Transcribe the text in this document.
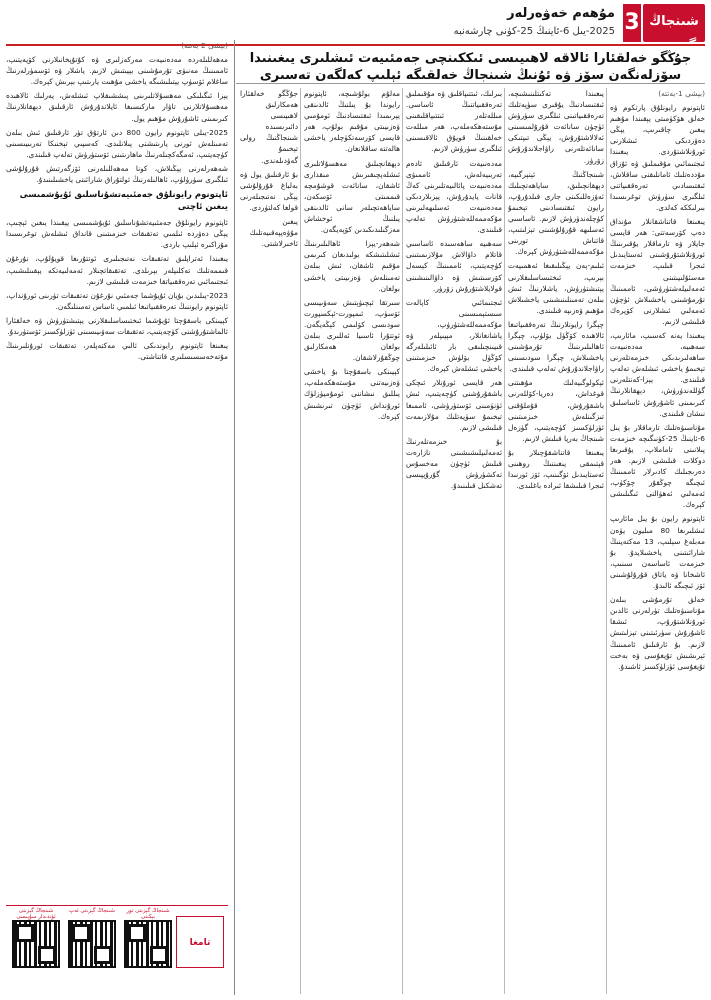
شىنجاڭ
3
مۇھەم خەۋەرلەر
2025-يىل 6-ئاينىڭ 25-كۈنى چارشەنبە
جۇڭگو خەلقئارا ئالاقە لاھىيىسى ئىككىنچى جەمئىيەت ئىشلىرى يىغىنىدا سۆزلەنگەن سۆز ۋە ئۇنىڭ شىنجاڭ خەلقىگە ئېلىپ كەلگەن تەسىرى
(بېشى 1-بەتتە)

ئاپتونوم رايونلۇق پارتكوم ۋە خەلق ھۆكۈمىتى يېقىندا مۇھىم يىغىن چاقىرىپ، يېڭى دەۋردىكى ئىشلارنى ئورۇنلاشتۇردى. يىغىندا ئىجتىمائىي مۇقىملىق ۋە ئۇزاق مۇددەتلىك ئامانلىقنى ساقلاش، ئىقتىسادىي تەرەققىياتنى ئىلگىرى سۈرۈش توغرىسىدا بىرلىككە كەلدى.

يىغىنغا قاتناشقانلار مۇنداق دەپ كۆرسەتتى: ھەر قايسى جايلار ۋە تارماقلار يۇقىرىنىڭ ئورۇنلاشتۇرۇشىنى ئەستايىدىل ئىجرا قىلىپ، خىزمەت مەسئۇلىيىتىنى ئەمەلىيلەشتۈرۈشى، ئاممىنىڭ تۇرمۇشىنى ياخشىلاش ئۈچۈن ئەمەلىي ئىشلارنى كۆپرەك قىلىشى لازىم.

يىغىندا يەنە كەسىپ، مائارىپ، سەھىيە، مەدەنىيەت ساھەلىرىدىكى خىزمەتلەرنى تېخىمۇ ياخشى ئىشلەش تەلەپ قىلىندى. يېزا-كەنتلەرنى گۈللەندۈرۈش، دېھقانلارنىڭ كىرىمىنى ئاشۇرۇش ئاساسلىق نىشان قىلىندى.

مۇناسىۋەتلىك تارماقلار بۇ يىل 6-ئاينىڭ 25-كۈنىگىچە خىزمەت پىلانىنى تاماملاپ، يۇقىرىغا دوكلات قىلىشى لازىم. ھەر دەرىجىلىك كادىرلار ئاممىنىڭ ئىچىگە چوڭقۇر چۆكۈپ، ئەمەلىي ئەھۋالنى ئىگىلىشى كېرەك.

ئاپتونوم رايون بۇ يىل مائارىپ ئىشلىرىغا 80 مىليون يۈەن مەبلەغ سېلىپ، 13 مەكتەپنىڭ شارائىتىنى ياخشىلايدۇ. بۇ خىزمەت ئاساسەن سىنىپ، ئاشخانا ۋە ياتاق قۇرۇلۇشىنى ئۆز ئىچىگە ئالىدۇ.

خەلق تۇرمۇشى بىلەن مۇناسىۋەتلىك تۈرلەرنى ئالدىن ئورۇنلاشتۇرۇپ، ئىشقا ئاشۇرۇش سۈرئىتىنى تېزلىتىش لازىم. بۇ ئارقىلىق ئاممىنىڭ ئېرىشىش تۇيغۇسى ۋە بەخت تۇيغۇسى ئۈزلۈكسىز ئاشىدۇ.

يىغىندا تەكىتلىنىشىچە، ئىقتىسادنىڭ يۇقىرى سۈپەتلىك تەرەققىياتىنى ئىلگىرى سۈرۈش ئۈچۈن سانائەت قۇرۇلمىسىنى ئەلالاشتۇرۇش، يېڭى تىپتىكى سانائەتلەرنى راۋاجلاندۇرۇش زۆرۈر.

شىنجاڭنىڭ ئېنېرگىيە، دېھقانچىلىق، ساياھەتچىلىك ئەۋزەللىكىنى جارى قىلدۇرۇپ، رايون ئىقتىسادىنى تېخىمۇ كۈچلەندۈرۈش لازىم. ئاساسىي ئەسلىھە قۇرۇلۇشىنى تېزلىتىپ، قاتناش تورىنى مۇكەممەللەشتۈرۈش كېرەك.

ئىلىم-پەن يېڭىلىقىغا ئەھمىيەت بېرىپ، ئىختىساسلىقلارنى يېتىشتۈرۈش، ياشلارنىڭ ئىش بىلەن تەمىنلىنىشىنى ياخشىلاش مۇھىم ۋەزىپە قىلىندى.

چېگرا رايونلارنىڭ تەرەققىياتىغا ئالاھىدە كۆڭۈل بۆلۈپ، چېگرا ئاھالىلىرىنىڭ تۇرمۇشىنى ياخشىلاش، چېگرا سودىسىنى راۋاجلاندۇرۇش تەلەپ قىلىندى.

ئېكولوگىيەلىك مۇھىتنى قوغداش، دەريا-كۆللەرنى باشقۇرۇش، قۇملۇقنى تىزگىنلەش خىزمىتىنى ئۈزلۈكسىز كۈچەيتىپ، گۈزەل شىنجاڭ بەرپا قىلىش لازىم.

يىغىنغا قاتناشقۇچىلار بۇ قېتىمقى يىغىننىڭ روھىنى ئەستايىدىل ئۆگىنىپ، ئۆز ئورنىدا ئىجرا قىلىشقا ئىرادە باغلىدى.

بىرلىك، ئىتتىپاقلىق ۋە مۇقىملىق تەرەققىياتنىڭ ئاساسى. مىللەتلەر ئىتتىپاقلىقىنى مۇستەھكەملەپ، ھەر مىللەت خەلقىنىڭ قويۇق ئالاقىسىنى ئىلگىرى سۈرۈش لازىم.

مەدەنىيەت ئارقىلىق ئادەم تەربىيەلەش، ئاممىۋى مەدەنىيەت پائالىيەتلىرىنى كەڭ قانات يايدۇرۇش، يېزىلاردىكى مەدەنىيەت ئەسلىھەلىرىنى مۇكەممەللەشتۈرۈش تەلەپ قىلىندى.

سەھىيە ساھەسىدە ئاساسىي قاتلام داۋالاش مۇلازىمىتىنى كۈچەيتىپ، ئاممىنىڭ كېسەل كۆرسىتىش ۋە داۋالىنىشىنى قولايلاشتۇرۇش زۆرۈر.

ئىجتىمائىي كاپالەت سىستېمىسىنى مۇكەممەللەشتۈرۈپ، ياشانغانلار، مېيىپلەر ۋە قىيىنچىلىقى بار ئائىلىلەرگە كۆڭۈل بۆلۈش خىزمىتىنى ياخشى ئىشلەش كېرەك.

ھەر قايسى ئورۇنلار ئىچكى باشقۇرۇشنى كۈچەيتىپ، ئىش ئۈنۈمىنى ئۆستۈرۈشى، ئاممىغا تېخىمۇ سۈپەتلىك مۇلازىمەت قىلىشى لازىم.

بۇ خىزمەتلەرنىڭ ئەمەلىيلىشىشىنى نازارەت قىلىش ئۈچۈن مەخسۇس تەكشۈرۈش گۇرۇپپىسى تەشكىل قىلىنىدۇ.

مەلۇم بولۇشىچە، ئاپتونوم رايوندا بۇ يىلنىڭ ئالدىنقى يېرىمىدا ئىقتىسادنىڭ ئومۇمىي ۋەزىيىتى مۇقىم بولۇپ، ھەر قايسى كۆرسەتكۈچلەر ياخشى ھالەتتە ساقلانغان.

دېھقانچىلىق مەھسۇلاتلىرى ئىشلەپچىقىرىش مىقدارى ئاشقان، سانائەت قوشۇمچە قىممىتى ئۆسكەن، ساياھەتچىلەر سانى ئالدىنقى يىلنىڭ ئوخشاش مەزگىلىدىكىدىن كۆپەيگەن.

شەھەر-يېزا ئاھالىلىرىنىڭ ئىشلىتىشكە بولىدىغان كىرىمى مۇقىم ئاشقان، ئىش بىلەن تەمىنلەش ۋەزىيىتى ياخشى بولغان.

سىرتقا ئېچىۋېتىش سەۋىيىسى ئۆسۈپ، ئىمپورت-ئېكسپورت سودىسى كۆلىمى كېڭەيگەن. ئوتتۇرا ئاسىيا ئەللىرى بىلەن بولغان ھەمكارلىق چوڭقۇرلاشقان.

كېيىنكى باسقۇچتا بۇ ياخشى ۋەزىيەتنى مۇستەھكەملەپ، يىللىق نىشاننى ئومۇميۈزلۈك ئورۇنداش ئۈچۈن تىرىشىش كېرەك.

جۇڭگو خەلقئارا ھەمكارلىق لاھىيىسى دائىرىسىدە شىنجاڭنىڭ رولى تېخىمۇ گەۋدىلەندى.

بۇ ئارقىلىق يول ۋە بەلباغ قۇرۇلۇشى يېڭى نەتىجىلەرنى قولغا كەلتۈردى.

يىغىن مۇۋەپپەقىيەتلىك ئاخىرلاشتى.

(بېشى 2-بەتتە)

مەھەللىلەردە مەدەنىيەت مەركەزلىرى ۋە كۇتۇپخانىلارنى كۆپەيتىپ، ئاممىنىڭ مەنىۋى تۇرمۇشىنى بېيىتىش لازىم. ياشلار ۋە ئۆسمۈرلەرنىڭ ساغلام ئۆسۈپ يېتىلىشىگە ياخشى مۇھىت يارىتىپ بېرىش كېرەك.

يېزا ئىگىلىكى مەھسۇلاتلىرىنى پىششىقلاپ ئىشلەش، يەرلىك ئالاھىدە مەھسۇلاتلارنى تاۋار ماركىسىغا ئايلاندۇرۇش ئارقىلىق دېھقانلارنىڭ كىرىمىنى ئاشۇرۇش مۇھىم يول.

2025-يىلى ئاپتونوم رايون 800 دىن ئارتۇق تۈر ئارقىلىق ئىش بىلەن تەمىنلەش ئورنى يارىتىشنى پىلانلىدى. كەسپىي تېخنىكا تەربىيىسىنى كۈچەيتىپ، ئەمگەكچىلەرنىڭ ماھارىتىنى ئۆستۈرۈش تەلەپ قىلىندى.

شەھەرلەرنى يېڭىلاش، كونا مەھەللىلەرنى ئۆزگەرتىش قۇرۇلۇشى ئىلگىرى سۈرۈلۈپ، ئاھالىلەرنىڭ ئولتۇراق شارائىتى ياخشىلىنىدۇ.

ئاپتونوم رايونلۇق جەمئىيەتشۇناسلىق ئۇيۇشمىسى يىغىن ئاچتى

ئاپتونوم رايونلۇق جەمئىيەتشۇناسلىق ئۇيۇشمىسى يېقىندا يىغىن ئېچىپ، يېڭى دەۋردە ئىلمىي تەتقىقات خىزمىتىنى قانداق ئىشلەش توغرىسىدا مۇزاكىرە ئېلىپ باردى.

يىغىندا ئەتراپلىق تەتقىقات نەتىجىلىرى ئوتتۇرىغا قويۇلۇپ، نۇرغۇن قىممەتلىك تەكلىپلەر بېرىلدى. تەتقىقاتچىلار ئەمەلىيەتكە يېقىنلىشىپ، ئىجتىمائىي تەرەققىياتقا خىزمەت قىلىشى لازىم.

2023-يىلىدىن بۇيان ئۇيۇشما جەمئىي نۇرغۇن تەتقىقات تۈرىنى ئورۇنداپ، ئاپتونوم رايوننىڭ تەرەققىياتىغا ئىلمىي ئاساس تەمىنلىگەن.

كېيىنكى باسقۇچتا ئۇيۇشما ئىختىساسلىقلارنى يېتىشتۈرۈش ۋە خەلقئارا ئالماشتۇرۇشنى كۈچەيتىپ، تەتقىقات سەۋىيىسىنى ئۈزلۈكسىز ئۆستۈرىدۇ.

يىغىنغا ئاپتونوم رايوندىكى ئالىي مەكتەپلەر، تەتقىقات ئورۇنلىرىنىڭ مۇتەخەسسىسلىرى قاتناشتى.

شىنجاڭ گېزىتى ئۈندىدار سۇپىسى
شىنجاڭ گېزىتى ئەپ	شىنجاڭ گېزىتى تور بېكىتى
تامغا
